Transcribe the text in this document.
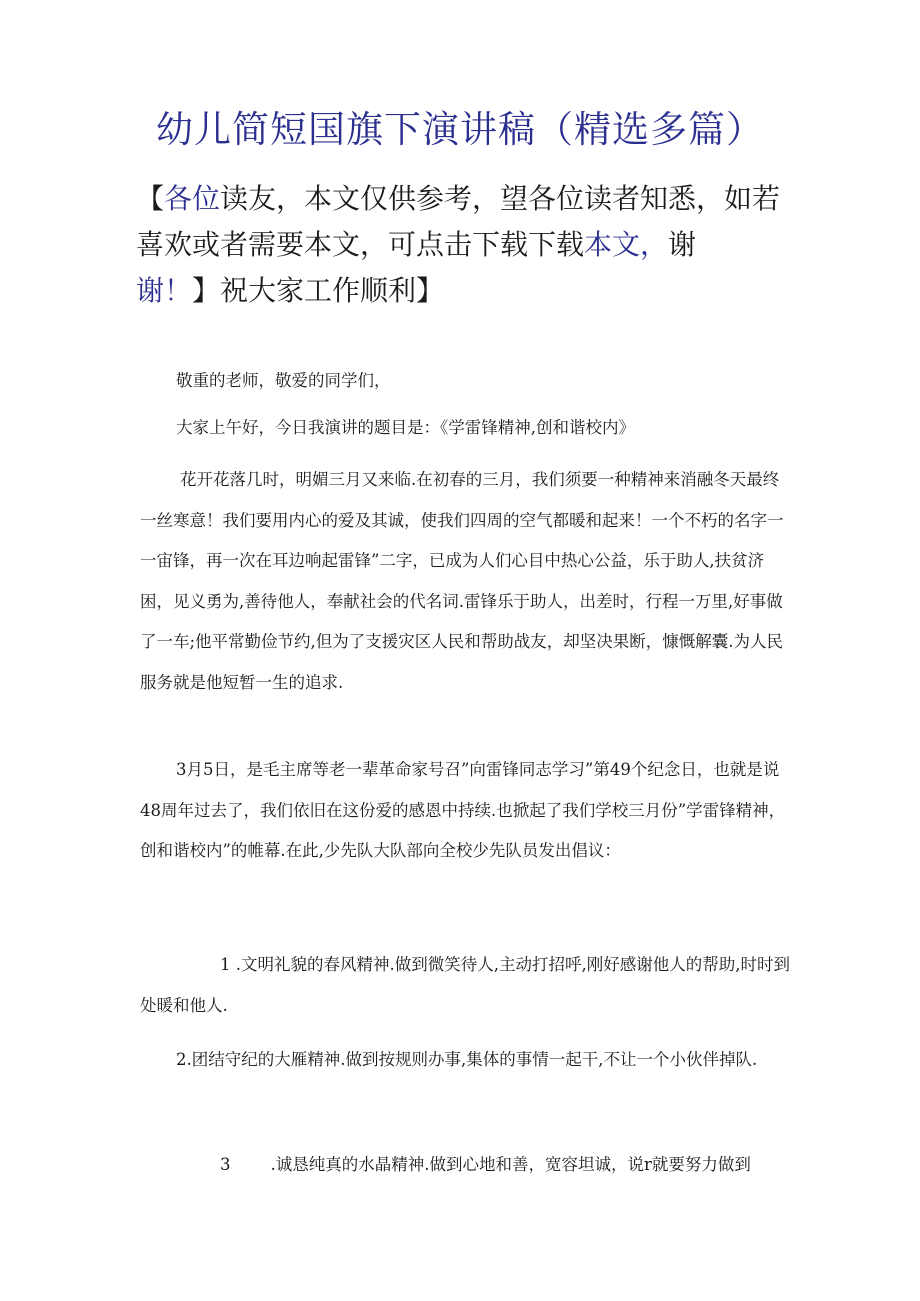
幼儿简短国旗下演讲稿（精选多篇）

【各位读友，本文仅供参考，望各位读者知悉，如若喜欢或者需要本文，可点击下载下载本文，谢
谢！】祝大家工作顺利】

敬重的老师，敬爱的同学们，

大家上午好，今日我演讲的题目是：《学雷锋精神,创和谐校内》

花开花落几时，明媚三月又来临.在初春的三月，我们须要一种精神来消融冬天最终一丝寒意！我们要用内心的爱及其诚，使我们四周的空气都暖和起来！一个不朽的名字一一宙锋，再一次在耳边响起雷锋”二字，已成为人们心目中热心公益，乐于助人,扶贫济困，见义勇为,善待他人，奉献社会的代名词.雷锋乐于助人，出差时，行程一万里,好事做了一车;他平常勤俭节约,但为了支援灾区人民和帮助战友，却坚决果断，慷慨解囊.为人民服务就是他短暂一生的追求.

3月5日，是毛主席等老一辈革命家号召”向雷锋同志学习”第49个纪念日，也就是说48周年过去了，我们依旧在这份爱的感恩中持续.也掀起了我们学校三月份”学雷锋精神，创和谐校内”的帷幕.在此,少先队大队部向全校少先队员发出倡议：

1 .文明礼貌的春风精神.做到微笑待人,主动打招呼,刚好感谢他人的帮助,时时到处暖和他人.

2.团结守纪的大雁精神.做到按规则办事,集体的事情一起干,不让一个小伙伴掉队.

3 .诚恳纯真的水晶精神.做到心地和善，宽容坦诚，说r就要努力做到
